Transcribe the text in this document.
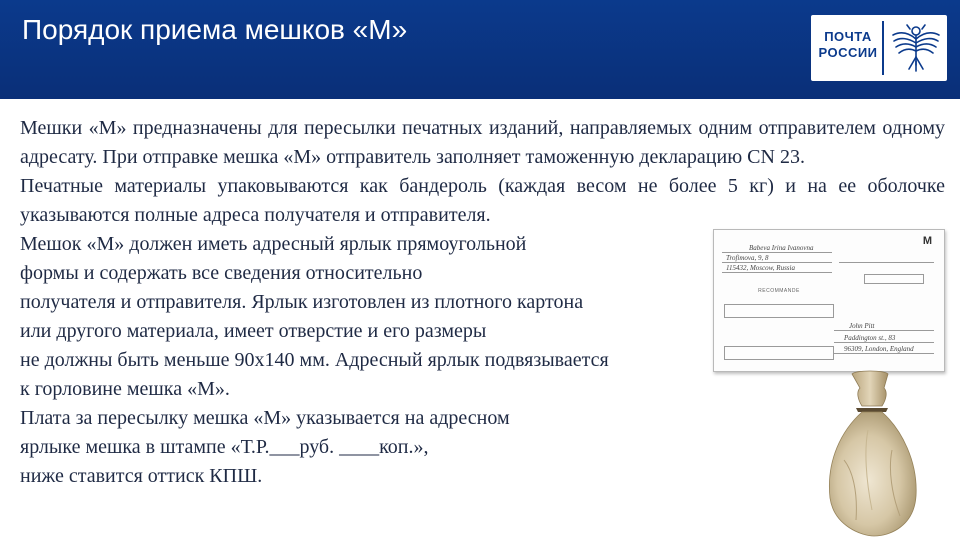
Порядок приема мешков «М»	ПОЧТА
РОССИИ
Мешки «М» предназначены для пересылки печатных изданий, направляемых одним отправителем одному адресату. При отправке мешка «М» отправитель заполняет таможенную декларацию CN 23.
Печатные материалы упаковываются как бандероль (каждая весом не более 5 кг) и на ее оболочке указываются полные адреса получателя и отправителя.
Мешок «М» должен иметь адресный ярлык прямоугольной
формы и содержать все сведения относительно
получателя и отправителя. Ярлык изготовлен из плотного картона
или другого материала, имеет отверстие и его размеры
не должны быть меньше 90х140 мм. Адресный ярлык подвязывается
к горловине мешка «М».
Плата за пересылку мешка «М» указывается на адресном
ярлыке мешка в штампе «Т.Р.___руб. ____коп.»,
ниже ставится оттиск КПШ.
М
Babeva Irina Ivanovna
Trofimova, 9, 8
115432, Moscow, Russia
RECOMMANDE
John Pitt
Paddington st., 83
96309, London, England
